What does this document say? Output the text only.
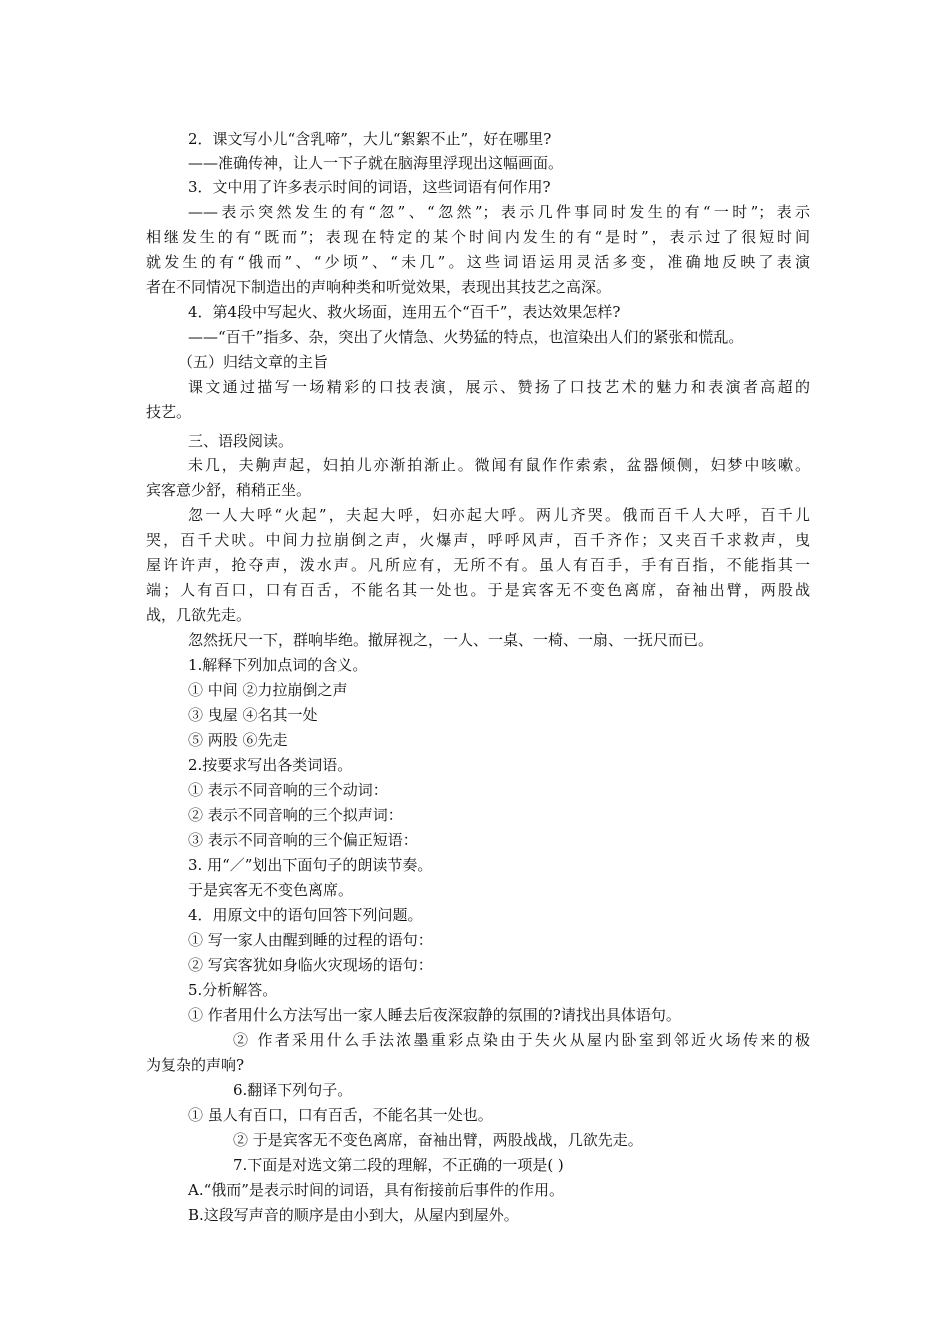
2．课文写小儿“含乳啼”，大儿“絮絮不止”，好在哪里?
——准确传神，让人一下子就在脑海里浮现出这幅画面。
3．文中用了许多表示时间的词语，这些词语有何作用?
——表示突然发生的有“忽”、“忽然”；表示几件事同时发生的有“一时”；表示
相继发生的有“既而”；表现在特定的某个时间内发生的有“是时”，表示过了很短时间
就发生的有“俄而”、“少顷”、“未几”。这些词语运用灵活多变，准确地反映了表演
者在不同情况下制造出的声响种类和听觉效果，表现出其技艺之高深。
4．第4段中写起火、救火场面，连用五个“百千”，表达效果怎样?
——“百千”指多、杂，突出了火情急、火势猛的特点，也渲染出人们的紧张和慌乱。
（五）归结文章的主旨
课文通过描写一场精彩的口技表演，展示、赞扬了口技艺术的魅力和表演者高超的
技艺。
三、语段阅读。
未几，夫齁声起，妇拍儿亦渐拍渐止。微闻有鼠作作索索，盆器倾侧，妇梦中咳嗽。
宾客意少舒，稍稍正坐。
忽一人大呼“火起”，夫起大呼，妇亦起大呼。两儿齐哭。俄而百千人大呼，百千儿
哭，百千犬吠。中间力拉崩倒之声，火爆声，呼呼风声，百千齐作；又夹百千求救声，曳
屋许许声，抢夺声，泼水声。凡所应有，无所不有。虽人有百手，手有百指，不能指其一
端；人有百口，口有百舌，不能名其一处也。于是宾客无不变色离席，奋袖出臂，两股战
战，几欲先走。
忽然抚尺一下，群响毕绝。撤屏视之，一人、一桌、一椅、一扇、一抚尺而已。
1.解释下列加点词的含义。
① 中间 ②力拉崩倒之声
③ 曳屋 ④名其一处
⑤ 两股 ⑥先走
2.按要求写出各类词语。
① 表示不同音响的三个动词：
② 表示不同音响的三个拟声词：
③ 表示不同音响的三个偏正短语：
3. 用“／”划出下面句子的朗读节奏。
于是宾客无不变色离席。
4．用原文中的语句回答下列问题。
① 写一家人由醒到睡的过程的语句：
② 写宾客犹如身临火灾现场的语句：
5.分析解答。
① 作者用什么方法写出一家人睡去后夜深寂静的氛围的?请找出具体语句。
② 作者采用什么手法浓墨重彩点染由于失火从屋内卧室到邻近火场传来的极
为复杂的声响?
6.翻译下列句子。
① 虽人有百口，口有百舌，不能名其一处也。
② 于是宾客无不变色离席，奋袖出臂，两股战战，几欲先走。
7.下面是对选文第二段的理解，不正确的一项是( )
A.“俄而”是表示时间的词语，具有衔接前后事件的作用。
B.这段写声音的顺序是由小到大，从屋内到屋外。
